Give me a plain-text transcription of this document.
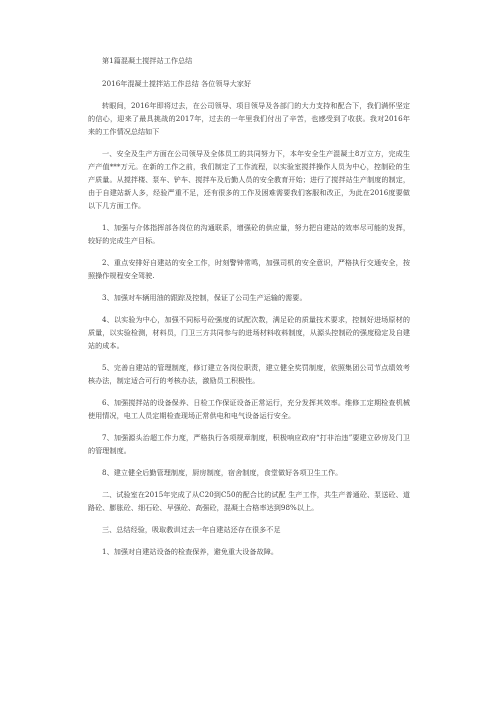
第1篇混凝土搅拌站工作总结

2016年混凝土搅拌站工作总结 各位领导大家好

转眼间，2016年即将过去，在公司领导、项目领导及各部门的大力支持和配合下，我们满怀坚定的信心，迎来了最具挑战的2017年，过去的一年里我们付出了辛苦，也感受到了收获。我对2016年来的工作情况总结如下

一、安全及生产方面在公司领导及全体员工的共同努力下，本年安全生产混凝土8万立方，完成生产产值***万元。在新的工作之前，我们制定了工作流程，以实验室搅拌操作人员为中心，控制砼的生产质量。从搅拌楼、泵车、铲车、搅拌车及后勤人员的安全教育开始；进行了搅拌站生产制度的制定，由于自建站新人多，经验严重不足，还有很多的工作及困难需要我们客服和改正，为此在2016度要做以下几方面工作。

1、加强与介体指挥部各岗位的沟通联系，增强砼的供应量，努力把自建站的效率尽可能的发挥，较好的完成生产目标。

2、重点安排好自建站的安全工作，时刻警钟常鸣，加强司机的安全意识，严格执行交通安全，按照操作规程安全驾驶.

3、加强对车辆用油的跟踪及控制，保证了公司生产运输的需要。

4、以实验为中心，加强不同标号砼强度的试配次数，满足砼的质量技术要求，控制好进场原材的质量，以实验检测，材料员，门卫三方共同参与的进场材料收料制度，从源头控制砼的强度稳定及自建站的成本。

5、完善自建站的管理制度，修订建立各岗位职责，建立健全奖罚制度，依照集团公司节点绩效考核办法，制定适合可行的考核办法，激励员工积极性。

6、加强搅拌站的设备保养、日检工作保证设备正常运行，充分发挥其效率。维修工定期检查机械使用情况，电工人员定期检查现场正常供电和电气设备运行安全。

7、加强源头治超工作力度，严格执行各项规章制度，积极响应政府“打非治违”要建立砂房及门卫的管理制度。

8、建立健全后勤管理制度，厨房制度，宿舍制度，食堂做好各项卫生工作。

二、试验室在2015年完成了从C20到C50的配合比的试配 生产工作，共生产普通砼、泵送砼、道路砼、膨胀砼、细石砼、早强砼、高强砼，混凝土合格率达到98%以上。

三、总结经验，吸取教训过去一年自建站还存在很多不足

1、加强对自建站设备的检查保养，避免重大设备故障。
